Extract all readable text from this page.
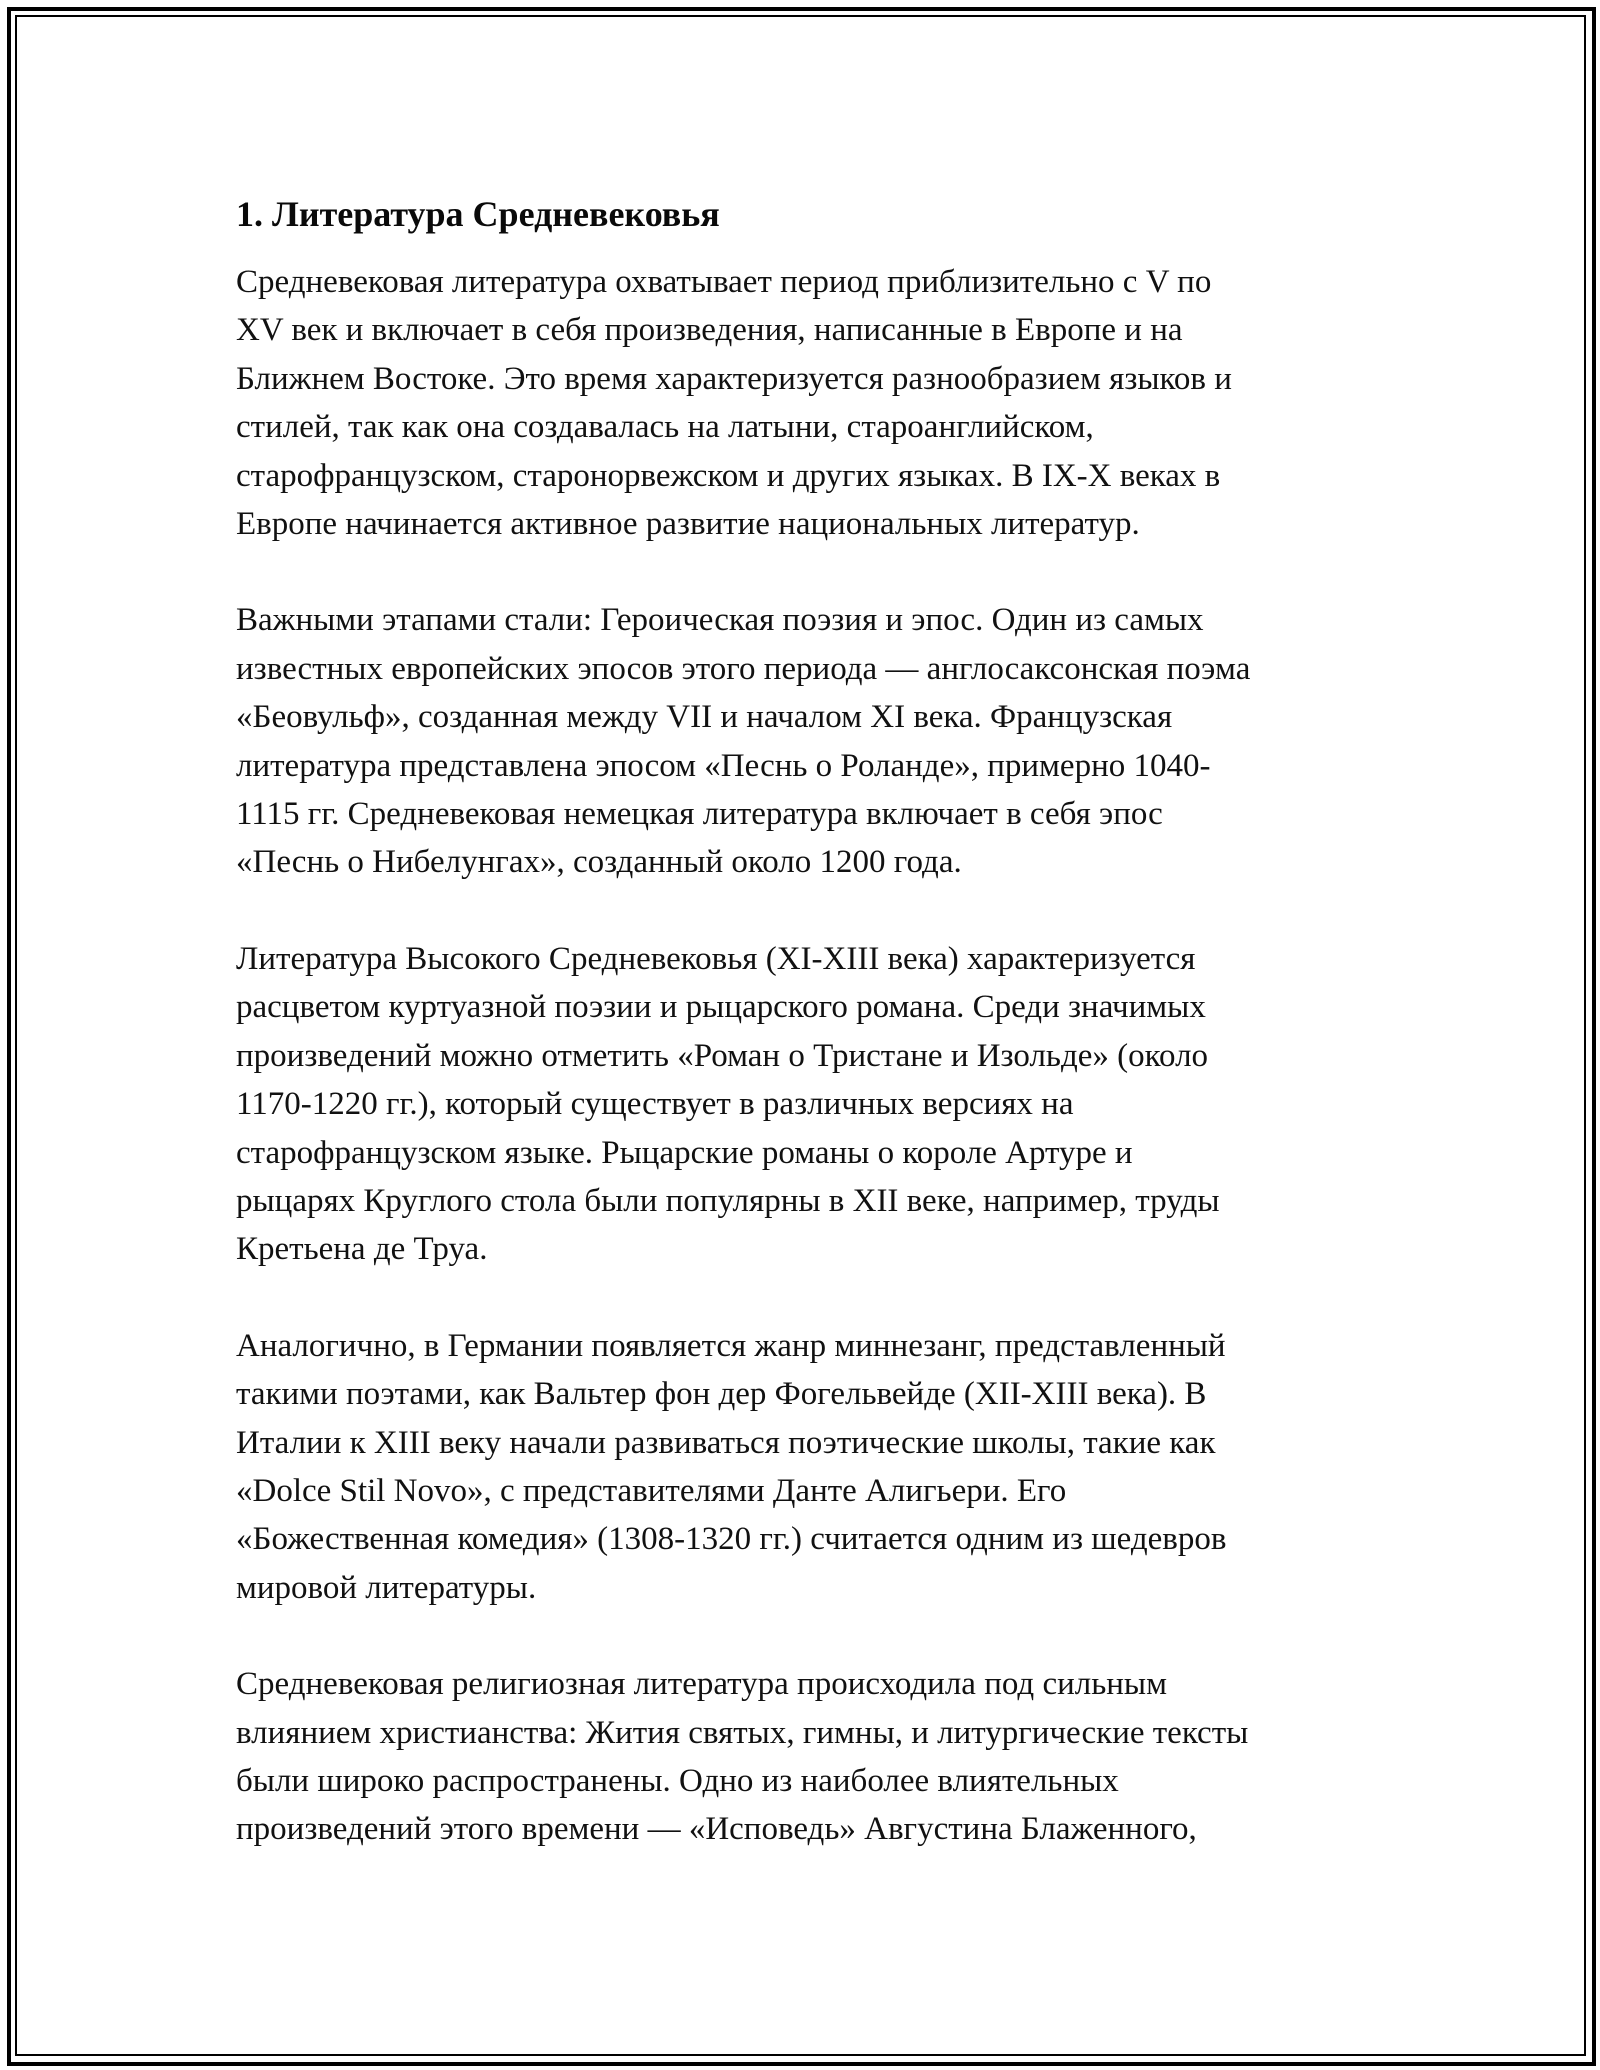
1. Литература Средневековья

Средневековая литература охватывает период приблизительно с V по
XV век и включает в себя произведения, написанные в Европе и на
Ближнем Востоке. Это время характеризуется разнообразием языков и
стилей, так как она создавалась на латыни, староанглийском,
старофранцузском, старонорвежском и других языках. В IX-X веках в
Европе начинается активное развитие национальных литератур.

Важными этапами стали: Героическая поэзия и эпос. Один из самых
известных европейских эпосов этого периода — англосаксонская поэма
«Беовульф», созданная между VII и началом XI века. Французская
литература представлена эпосом «Песнь о Роланде», примерно 1040-
1115 гг. Средневековая немецкая литература включает в себя эпос
«Песнь о Нибелунгах», созданный около 1200 года.

Литература Высокого Средневековья (XI-XIII века) характеризуется
расцветом куртуазной поэзии и рыцарского романа. Среди значимых
произведений можно отметить «Роман о Тристане и Изольде» (около
1170-1220 гг.), который существует в различных версиях на
старофранцузском языке. Рыцарские романы о короле Артуре и
рыцарях Круглого стола были популярны в XII веке, например, труды
Кретьена де Труа.

Аналогично, в Германии появляется жанр миннезанг, представленный
такими поэтами, как Вальтер фон дер Фогельвейде (XII-XIII века). В
Италии к XIII веку начали развиваться поэтические школы, такие как
«Dolce Stil Novo», с представителями Данте Алигьери. Его
«Божественная комедия» (1308-1320 гг.) считается одним из шедевров
мировой литературы.

Средневековая религиозная литература происходила под сильным
влиянием христианства: Жития святых, гимны, и литургические тексты
были широко распространены. Одно из наиболее влиятельных
произведений этого времени — «Исповедь» Августина Блаженного,
